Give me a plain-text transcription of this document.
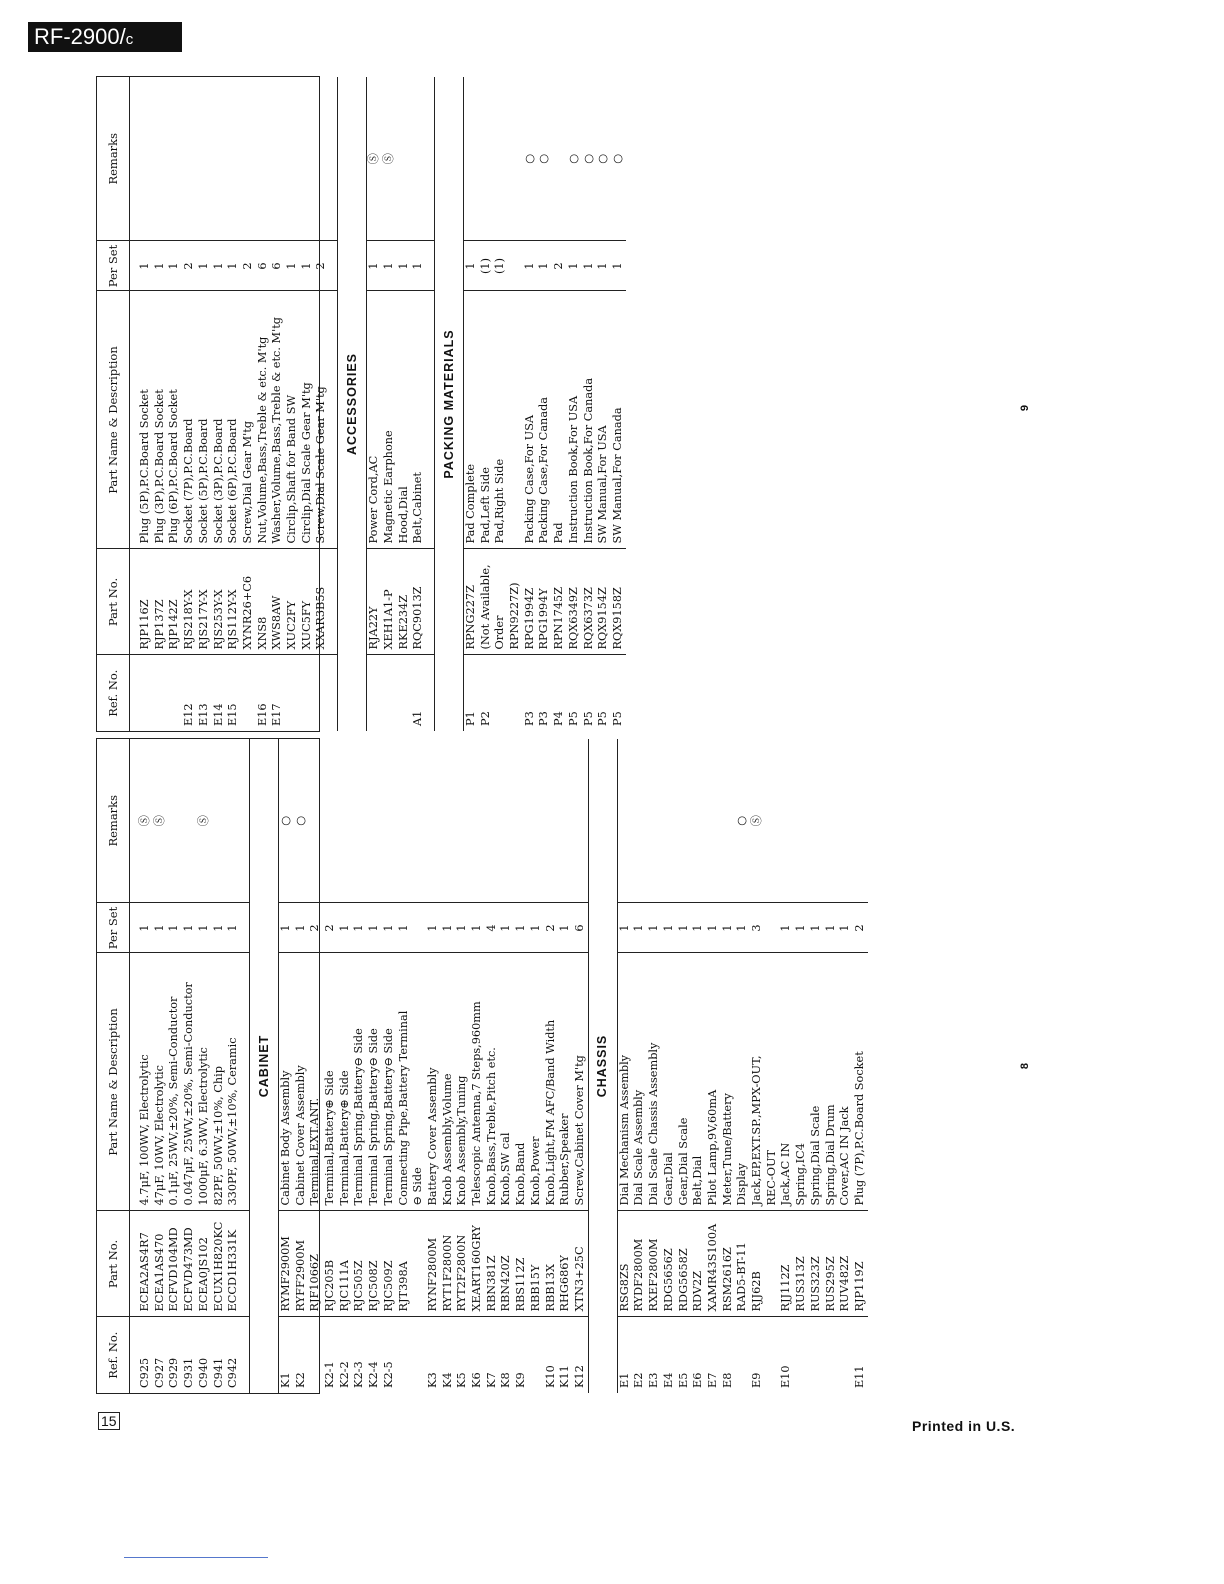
RF-2900/c
Ref. No.	Part No.	Part Name & Description	Per Set	Remarks

C925	ECEA2AS4R7	4.7μF, 100WV, Electrolytic	1	Ⓢ
C927	ECEA1AS470	47μF, 10WV, Electrolytic	1	Ⓢ
C929	ECFVD104MD	0.1μF, 25WV,±20%, Semi-Conductor	1	
C931	ECFVD473MD	0.047μF, 25WV,±20%, Semi-Conductor	1	
C940	ECEA0JS102	1000μF, 6.3WV, Electrolytic	1	Ⓢ
C941	ECUX1H820KC	82PF, 50WV,±10%, Chip	1	
C942	ECCD1H331K	330PF, 50WV,±10%, Ceramic	1	

CABINET				
K1	RYMF2900M	Cabinet Body Assembly	1	○
K2	RYFF2900M	Cabinet Cover Assembly	1	○
	RJF1066Z	Terminal,EXT.ANT.	2	
K2-1	RJC205B	Terminal,Battery⊕ Side	2	
K2-2	RJC111A	Terminal,Battery⊕ Side	1	
K2-3	RJC505Z	Terminal Spring,Battery⊖ Side	1	
K2-4	RJC508Z	Terminal Spring,Battery⊖ Side	1	
K2-5	RJC509Z	Terminal Spring,Battery⊖ Side	1	
	RJT398A	Connecting Pipe,Battery Terminal	1	
		⊖ Side		
K3	RYNF2800M	Battery Cover Assembly	1	
K4	RYT1F2800N	Knob Assembly,Volume	1	
K5	RYT2F2800N	Knob Assembly,Tuning	1	
K6	XEART160GRY	Telescopic Antenna,7 Steps,960mm	1	
K7	RBN381Z	Knob,Bass,Treble,Pitch etc.	4	
K8	RBN420Z	Knob,SW cal	1	
K9	RBS112Z	Knob,Band	1	
	RBB15Y	Knob,Power	1	
K10	RBB13X	Knob,Light,FM AFC/Band Width	2	
K11	RHG686Y	Rubber,Speaker	1	
K12	XTN3+25C	Screw,Cabinet Cover M'tg	6	
CHASSIS				
E1	RSG8ZS	Dial Mechanism Assembly	1	
E2	RYDF2800M	Dial Scale Assembly	1	
E3	RXEF2800M	Dial Scale Chassis Assembly	1	
E4	RDG5656Z	Gear,Dial	1	
E5	RDG5658Z	Gear,Dial Scale	1	
E6	RDV2Z	Belt,Dial	1	
E7	XAMR43S100A	Pilot Lamp,9V,60mA	1	
E8	RSM2616Z	Meter,Tune/Battery	1	
	RAD5-BT-11	Display	1	○
E9	RJJ62B	Jack,EP,EXT.SP.,MPX-OUT,	3	Ⓢ
		REC-OUT		
E10	RJJ112Z	Jack,AC IN	1	
	RUS313Z	Spring,IC4	1	
	RUS323Z	Spring,Dial Scale	1	
	RUS295Z	Spring,Dial Drum	1	
	RUV482Z	Cover,AC IN Jack	1	
E11	RJP119Z	Plug (7P),P.C.Board Socket	2	
Ref. No.	Part No.	Part Name & Description	Per Set	Remarks

	RJP116Z	Plug (5P),P.C.Board Socket	1	
	RJP137Z	Plug (3P),P.C.Board Socket	1	
	RJP142Z	Plug (6P),P.C.Board Socket	1	
E12	RJS218Y-X	Socket (7P),P.C.Board	2	
E13	RJS217Y-X	Socket (5P),P.C.Board	1	
E14	RJS253Y-X	Socket (3P),P.C.Board	1	
E15	RJS112Y-X	Socket (6P),P.C.Board	1	
	XYNR26+C6	Screw,Dial Gear M'tg	2	
E16	XNS8	Nut,Volume,Bass,Treble & etc. M'tg	6	
E17	XWS8AW	Washer,Volume,Bass,Treble & etc. M'tg	6	
	XUC2FY	Circlip,Shaft for Band SW	1	
	XUC5FY	Circlip,Dial Scale Gear M'tg	1	
	XXAR3B5S	Screw,Dial Scale Gear M'tg	2	

ACCESSORIES				
	RJA22Y	Power Cord,AC	1	Ⓢ
	XEH1A1-P	Magnetic Earphone	1	Ⓢ
	RKE234Z	Hood,Dial	1	
A1	RQC9013Z	Belt,Cabinet	1	

PACKING MATERIALS				
P1	RPNG227Z	Pad Complete	1	
P2	(Not Available,	Pad,Left Side	(1)	
	Order	Pad,Right Side	(1)	
	RPN9227Z)			
P3	RPG1994Z	Packing Case,For USA	1	○
P3	RPG1994Y	Packing Case,For Canada	1	○
P4	RPN1745Z	Pad	2	
P5	RQX6349Z	Instruction Book,For USA	1	○
P5	RQX6373Z	Instruction Book,For Canada	1	○
P5	RQX9154Z	SW Manual,For USA	1	○
P5	RQX9158Z	SW Manual,For Canada	1	○
9
8
15	Printed in U.S.
